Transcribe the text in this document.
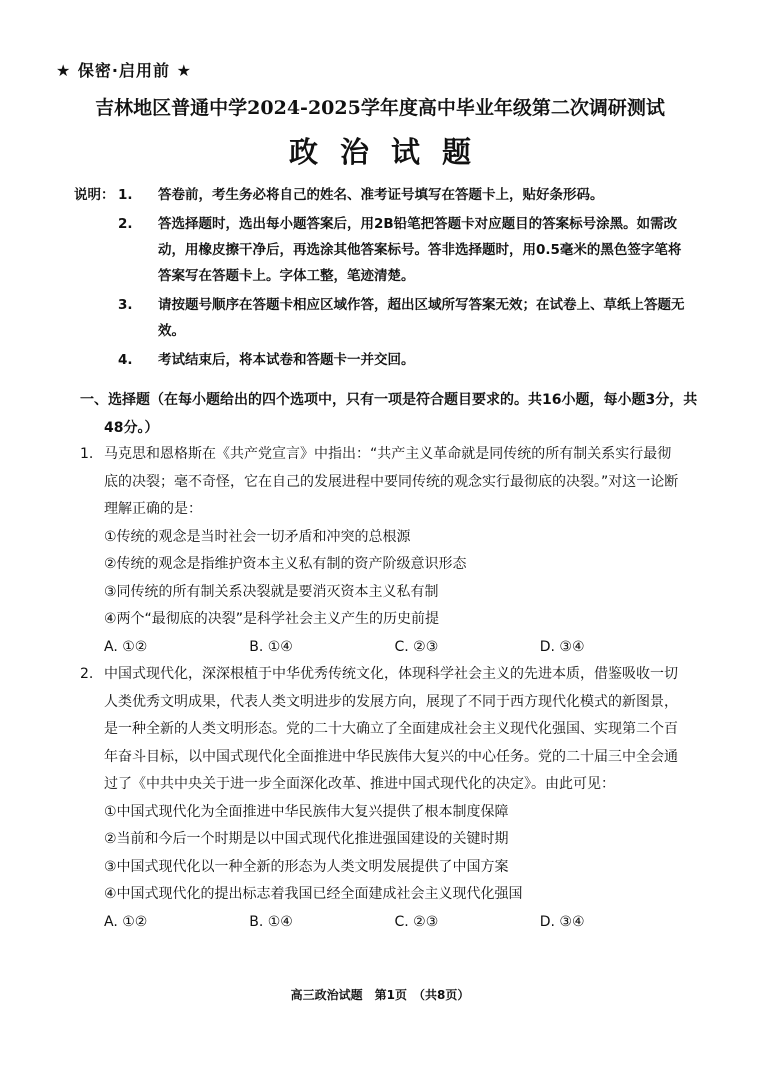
★ 保密·启用前 ★
吉林地区普通中学2024-2025学年度高中毕业年级第二次调研测试
政治试题
说明： 1. 答卷前，考生务必将自己的姓名、准考证号填写在答题卡上，贴好条形码。
2. 答选择题时，选出每小题答案后，用2B铅笔把答题卡对应题目的答案标号涂黑。如需改动，用橡皮擦干净后，再选涂其他答案标号。答非选择题时，用0.5毫米的黑色签字笔将答案写在答题卡上。字体工整，笔迹清楚。
3. 请按题号顺序在答题卡相应区域作答，超出区域所写答案无效；在试卷上、草纸上答题无效。
4. 考试结束后，将本试卷和答题卡一并交回。
一、选择题（在每小题给出的四个选项中，只有一项是符合题目要求的。共16小题，每小题3分，共48分。）
1. 马克思和恩格斯在《共产党宣言》中指出：“共产主义革命就是同传统的所有制关系实行最彻底的决裂；毫不奇怪，它在自己的发展进程中要同传统的观念实行最彻底的决裂。”对这一论断理解正确的是：
①传统的观念是当时社会一切矛盾和冲突的总根源
②传统的观念是指维护资本主义私有制的资产阶级意识形态
③同传统的所有制关系决裂就是要消灭资本主义私有制
④两个“最彻底的决裂”是科学社会主义产生的历史前提
A. ①②	B. ①④	C. ②③	D. ③④
2. 中国式现代化，深深根植于中华优秀传统文化，体现科学社会主义的先进本质，借鉴吸收一切人类优秀文明成果，代表人类文明进步的发展方向，展现了不同于西方现代化模式的新图景，是一种全新的人类文明形态。党的二十大确立了全面建成社会主义现代化强国、实现第二个百年奋斗目标，以中国式现代化全面推进中华民族伟大复兴的中心任务。党的二十届三中全会通过了《中共中央关于进一步全面深化改革、推进中国式现代化的决定》。由此可见：
①中国式现代化为全面推进中华民族伟大复兴提供了根本制度保障
②当前和今后一个时期是以中国式现代化推进强国建设的关键时期
③中国式现代化以一种全新的形态为人类文明发展提供了中国方案
④中国式现代化的提出标志着我国已经全面建成社会主义现代化强国
A. ①②	B. ①④	C. ②③	D. ③④
高三政治试题　第1页　（共8页）
